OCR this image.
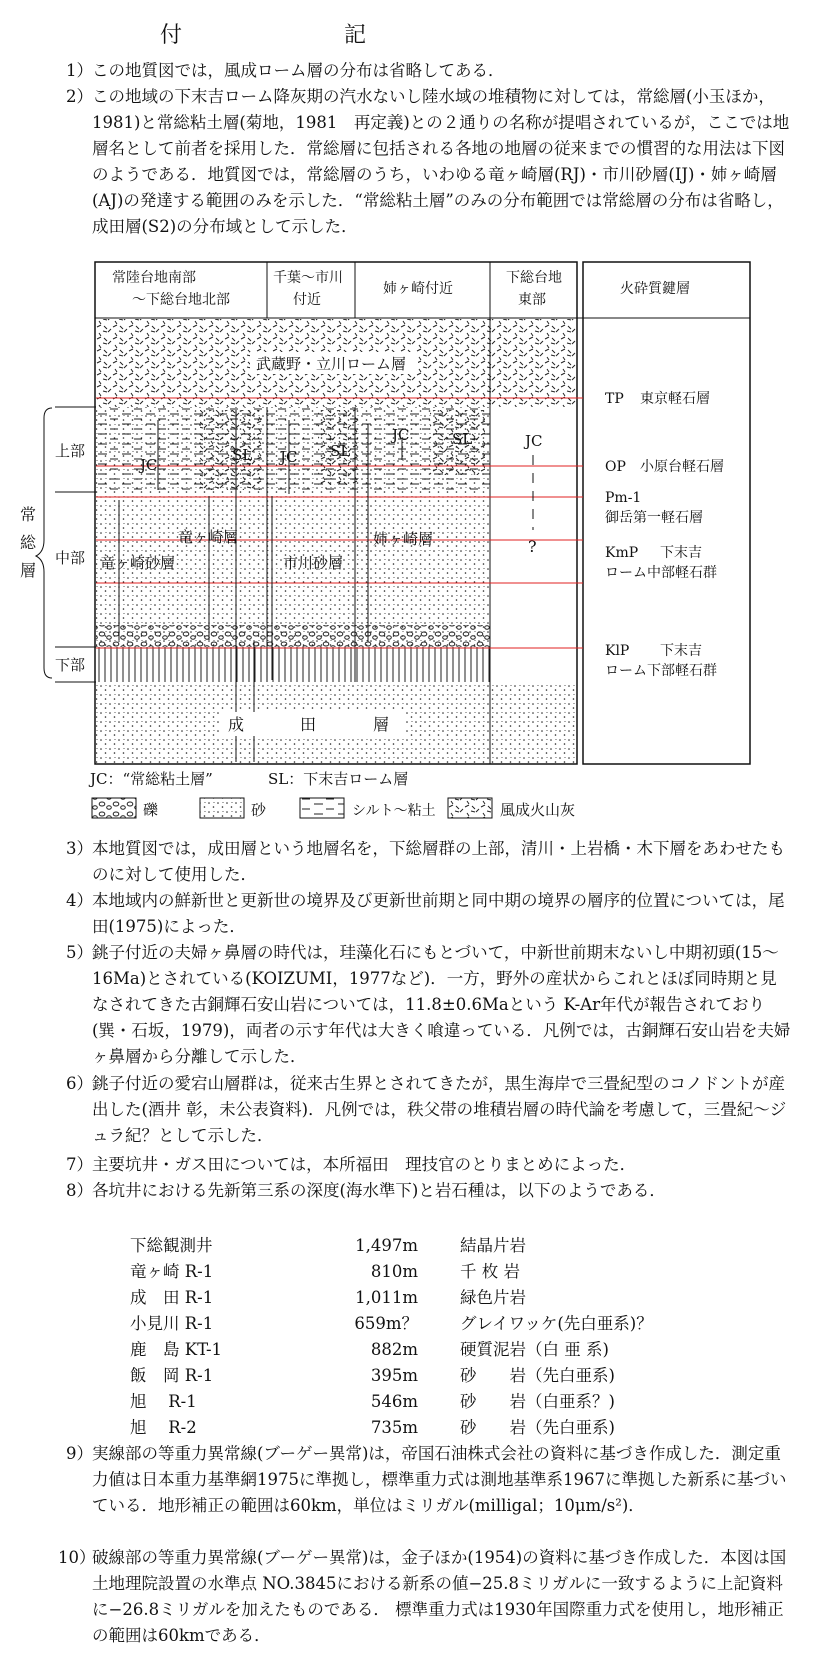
付　記
1） この地質図では，風成ローム層の分布は省略してある．
2） この地域の下末吉ローム降灰期の汽水ないし陸水域の堆積物に対しては，常総層(小玉ほか，1981)と常総粘土層(菊地，1981　再定義)との２通りの名称が提唱されているが，ここでは地層名として前者を採用した．常総層に包括される各地の地層の従来までの慣習的な用法は下図のようである．地質図では，常総層のうち，いわゆる竜ヶ崎層(RJ)・市川砂層(IJ)・姉ヶ崎層(AJ)の発達する範囲のみを示した．“常総粘土層”のみの分布範囲では常総層の分布は省略し，成田層(S2)の分布域として示した．
常
総
層
上部
中部
下部
常陸台地南部
〜下総台地北部
千葉〜市川
付近
姉ヶ崎付近
下総台地
東部
火砕質鍵層
武蔵野・立川ローム層
JC
SL JC SL
JC	SL	JC
?
竜ヶ崎層
竜ヶ崎砂層	市川砂層
姉ヶ崎層
成	田	層
TP 東京軽石層
OP 小原台軽石層
Pm-1
御岳第一軽石層
KmP 下末吉
ローム中部軽石群
KlP 下末吉
ローム下部軽石群
JC：“常総粘土層”	SL：下末吉ローム層
礫	砂	シルト〜粘土	風成火山灰
3） 本地質図では，成田層という地層名を，下総層群の上部，清川・上岩橋・木下層をあわせたものに対して使用した．
4） 本地域内の鮮新世と更新世の境界及び更新世前期と同中期の境界の層序的位置については，尾田(1975)によった．
5） 銚子付近の夫婦ヶ鼻層の時代は，珪藻化石にもとづいて，中新世前期末ないし中期初頭(15〜16Ma)とされている(KOIZUMI，1977など)．一方，野外の産状からこれとほぼ同時期と見なされてきた古銅輝石安山岩については，11.8±0.6Maという K-Ar年代が報告されており(巽・石坂，1979)，両者の示す年代は大きく喰違っている．凡例では，古銅輝石安山岩を夫婦ヶ鼻層から分離して示した．
6） 銚子付近の愛宕山層群は，従来古生界とされてきたが，黒生海岸で三畳紀型のコノドントが産出した(酒井 彰，未公表資料)．凡例では，秩父帯の堆積岩層の時代論を考慮して，三畳紀〜ジュラ紀？として示した．
7） 主要坑井・ガス田については，本所福田　理技官のとりまとめによった．
8） 各坑井における先新第三系の深度(海水準下)と岩石種は，以下のようである．
下総観測井	1,497m	結晶片岩
竜ヶ崎 R-1	810m	千 枚 岩
成　田 R-1	1,011m	緑色片岩
小見川 R-1	659m？	グレイワッケ(先白亜系)？
鹿　島 KT-1	882m	硬質泥岩（白 亜 系)
飯　岡 R-1	395m	砂　　岩（先白亜系)
旭　 R-1	546m	砂　　岩（白亜系？)
旭　 R-2	735m	砂　　岩（先白亜系)
9） 実線部の等重力異常線(ブーゲー異常)は，帝国石油株式会社の資料に基づき作成した．測定重力値は日本重力基準網1975に準拠し，標準重力式は測地基準系1967に準拠した新系に基づいている．地形補正の範囲は60km，単位はミリガル(milligal；10μm/s²)．
10）
破線部の等重力異常線(ブーゲー異常)は，金子ほか(1954)の資料に基づき作成した．本図は国土地理院設置の水準点 NO.3845における新系の値−25.8ミリガルに一致するように上記資料に−26.8ミリガルを加えたものである． 標準重力式は1930年国際重力式を使用し，地形補正の範囲は60kmである．
